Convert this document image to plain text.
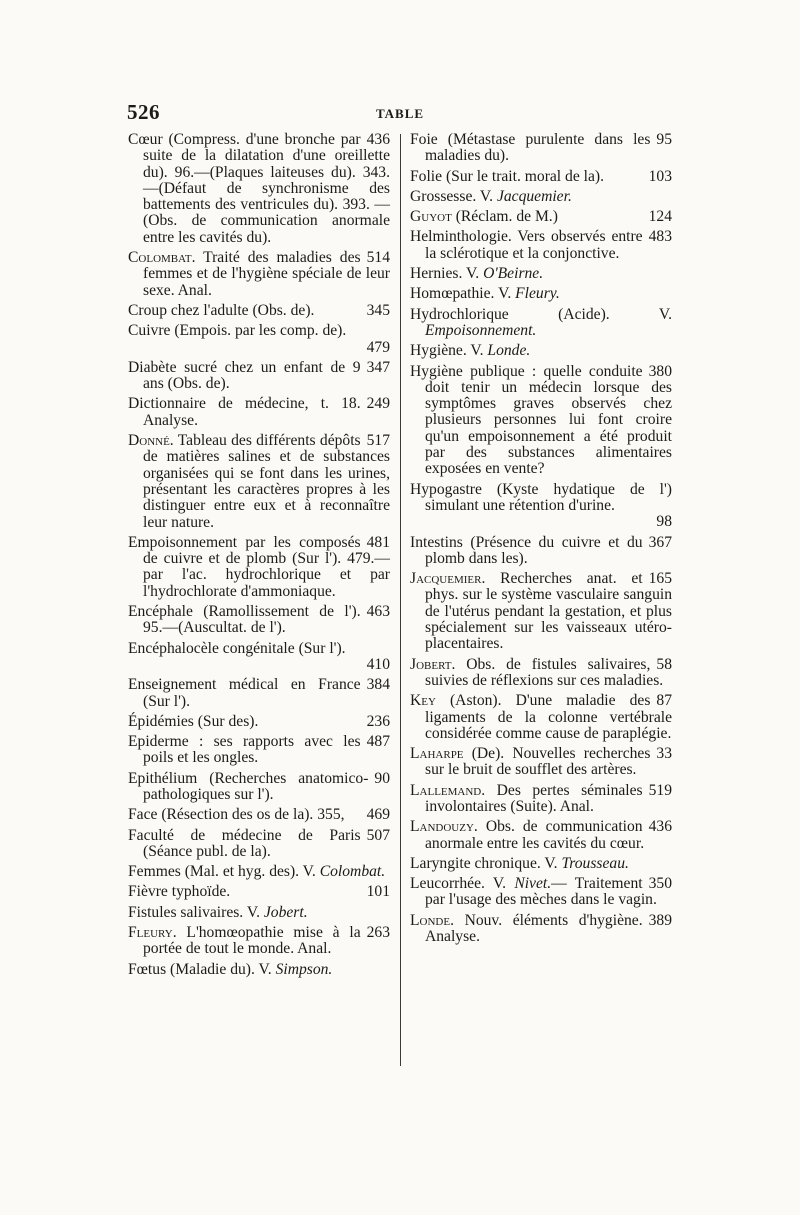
526	TABLE
436
Cœur (Compress. d'une bronche par suite de la dilatation d'une oreillette du). 96.—(Plaques laiteuses du). 343.—(Défaut de synchronisme des battements des ventricules du). 393. — (Obs. de communication anormale entre les cavités du).
514
Colombat. Traité des maladies des femmes et de l'hygiène spéciale de leur sexe. Anal.
345
Croup chez l'adulte (Obs. de).
Cuivre (Empois. par les comp. de).
479
347
Diabète sucré chez un enfant de 9 ans (Obs. de).
249
Dictionnaire de médecine, t. 18. Analyse.
517
Donné. Tableau des différents dépôts de matières salines et de substances organisées qui se font dans les urines, présentant les caractères propres à les distinguer entre eux et à reconnaître leur nature.
481
Empoisonnement par les composés de cuivre et de plomb (Sur l'). 479.—par l'ac. hydrochlorique et par l'hydrochlorate d'ammoniaque.
463
Encéphale (Ramollissement de l'). 95.—(Auscultat. de l').
Encéphalocèle congénitale (Sur l').
410
384
Enseignement médical en France (Sur l').
236
Épidémies (Sur des).
487
Epiderme : ses rapports avec les poils et les ongles.
90
Epithélium (Recherches anatomico-pathologiques sur l').
469
Face (Résection des os de la). 355,
507
Faculté de médecine de Paris (Séance publ. de la).
Femmes (Mal. et hyg. des). V. Colombat.
101
Fièvre typhoïde.
Fistules salivaires. V. Jobert.
263
Fleury. L'homœopathie mise à la portée de tout le monde. Anal.
Fœtus (Maladie du). V. Simpson.
95
Foie (Métastase purulente dans les maladies du).
103
Folie (Sur le trait. moral de la).
Grossesse. V. Jacquemier.
124
Guyot (Réclam. de M.)
483
Helminthologie. Vers observés entre la sclérotique et la conjonctive.
Hernies. V. O'Beirne.
Homœpathie. V. Fleury.
Hydrochlorique (Acide). V. Empoisonnement.
Hygiène. V. Londe.
380
Hygiène publique : quelle conduite doit tenir un médecin lorsque des symptômes graves observés chez plusieurs personnes lui font croire qu'un empoisonnement a été produit par des substances alimentaires exposées en vente?
Hypogastre (Kyste hydatique de l') simulant une rétention d'urine.
98
367
Intestins (Présence du cuivre et du plomb dans les).
165
Jacquemier. Recherches anat. et phys. sur le système vasculaire sanguin de l'utérus pendant la gestation, et plus spécialement sur les vaisseaux utéro-placentaires.
58
Jobert. Obs. de fistules salivaires, suivies de réflexions sur ces maladies.
87
Key (Aston). D'une maladie des ligaments de la colonne vertébrale considérée comme cause de paraplégie.
33
Laharpe (De). Nouvelles recherches sur le bruit de soufflet des artères.
519
Lallemand. Des pertes séminales involontaires (Suite). Anal.
436
Landouzy. Obs. de communication anormale entre les cavités du cœur.
Laryngite chronique. V. Trousseau.
350
Leucorrhée. V. Nivet.— Traitement par l'usage des mèches dans le vagin.
389
Londe. Nouv. éléments d'hygiène. Analyse.
